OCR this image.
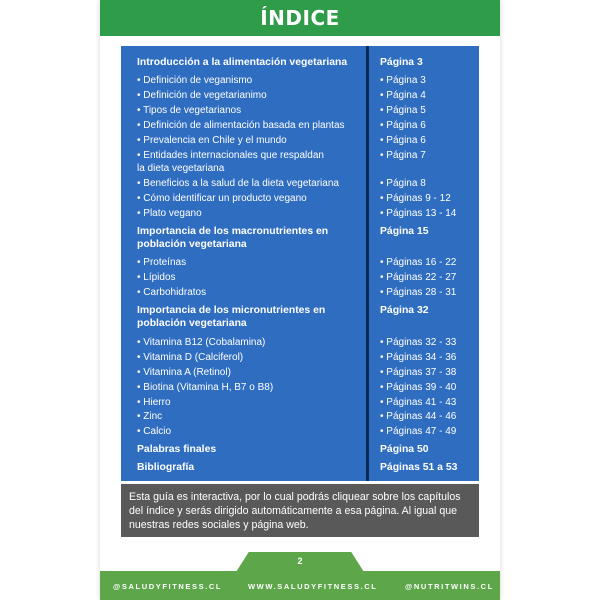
ÍNDICE
Introducción a la alimentación vegetariana	Página 3
• Definición de veganismo	• Página 3
• Definición de vegetarianimo	• Página 4
• Tipos de vegetarianos	• Página 5
• Definición de alimentación basada en plantas	• Página 6
• Prevalencia en Chile y el mundo	• Página 6
• Entidades internacionales que respaldan	• Página 7
la dieta vegetariana
• Beneficios a la salud de la dieta vegetariana	• Página 8
• Cómo identificar un producto vegano	• Páginas 9 - 12
• Plato vegano	• Páginas 13 - 14
Importancia de los macronutrientes en	Página 15
población vegetariana
• Proteínas	• Páginas 16 - 22
• Lípidos	• Páginas 22 - 27
• Carbohidratos	• Páginas 28 - 31
Importancia de los micronutrientes en	Página 32
población vegetariana
• Vitamina B12 (Cobalamina)	• Páginas 32 - 33
• Vitamina D (Calciferol)	• Páginas 34 - 36
• Vitamina A (Retinol)	• Páginas 37 - 38
• Biotina (Vitamina H, B7 o B8)	• Páginas 39 - 40
• Hierro	• Páginas 41 - 43
• Zinc	• Páginas 44 - 46
• Calcio	• Páginas 47 - 49
Palabras finales	Página 50
Bibliografía	Páginas 51 a 53
Esta guía es interactiva, por lo cual podrás cliquear sobre los capítulos del índice y serás dirigido automáticamente a esa página. Al igual que nuestras redes sociales y página web.
2
@SALUDYFITNESS.CL	WWW.SALUDYFITNESS.CL	@NUTRITWINS.CL
